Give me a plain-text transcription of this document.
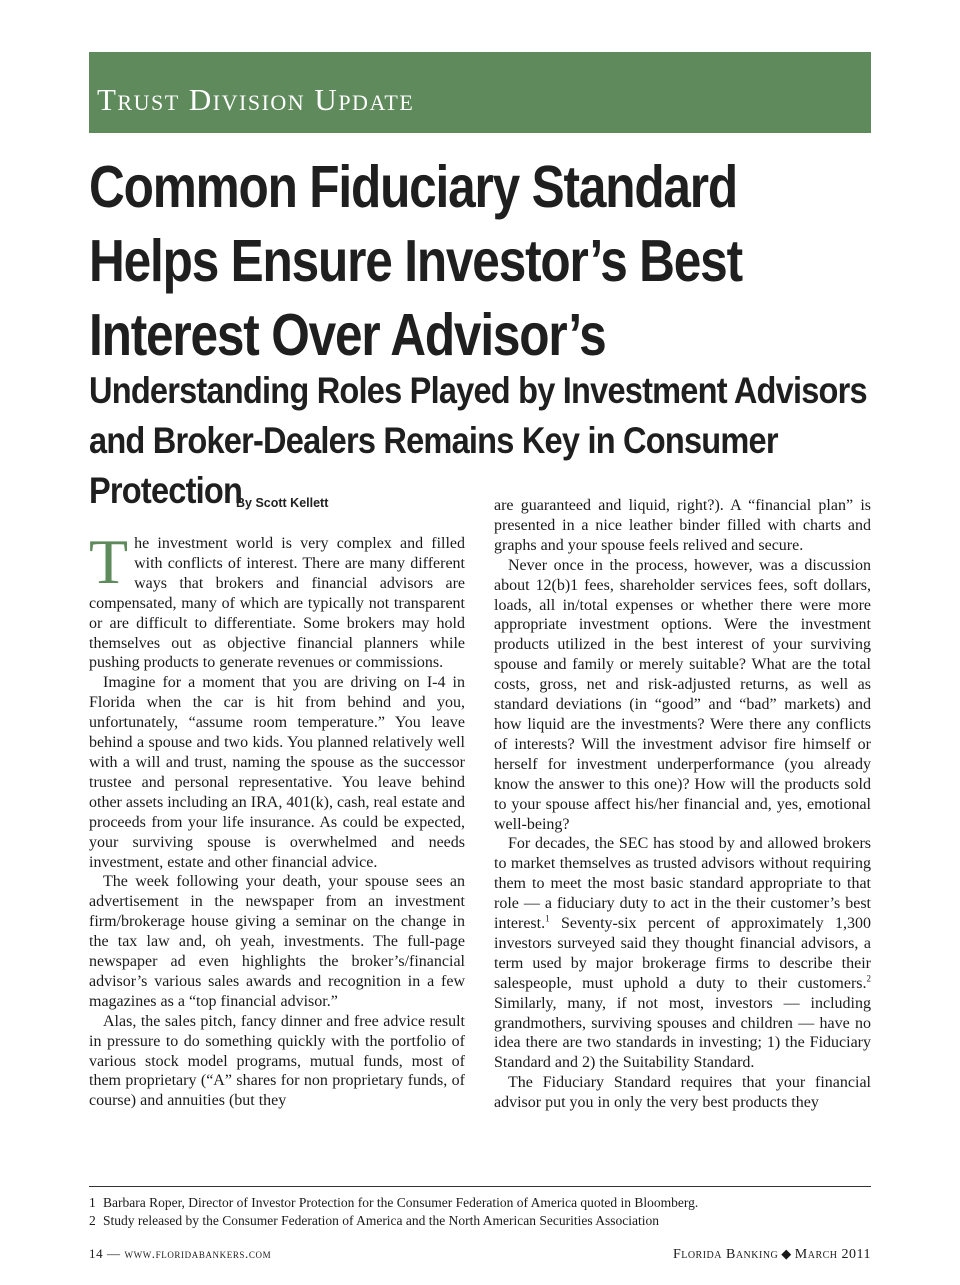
Trust Division Update
Common Fiduciary Standard Helps Ensure Investor’s Best Interest Over Advisor’s
Understanding Roles Played by Investment Advisors and Broker-Dealers Remains Key in Consumer Protection
By Scott Kellett

The investment world is very complex and filled with conflicts of interest. There are many different ways that brokers and financial advisors are compensated, many of which are typically not transparent or are difficult to differentiate. Some brokers may hold themselves out as objective financial planners while pushing products to generate revenues or commissions.

Imagine for a moment that you are driving on I-4 in Florida when the car is hit from behind and you, unfortunately, “assume room temperature.” You leave behind a spouse and two kids. You planned relatively well with a will and trust, naming the spouse as the successor trustee and personal representative. You leave behind other assets including an IRA, 401(k), cash, real estate and proceeds from your life insurance. As could be expected, your surviving spouse is overwhelmed and needs investment, estate and other financial advice.

The week following your death, your spouse sees an advertisement in the newspaper from an investment firm/brokerage house giving a seminar on the change in the tax law and, oh yeah, investments. The full-page newspaper ad even highlights the broker’s/financial advisor’s various sales awards and recognition in a few magazines as a “top financial advisor.”

Alas, the sales pitch, fancy dinner and free advice result in pressure to do something quickly with the portfolio of various stock model programs, mutual funds, most of them proprietary (“A” shares for non proprietary funds, of course) and annuities (but they

are guaranteed and liquid, right?). A “financial plan” is presented in a nice leather binder filled with charts and graphs and your spouse feels relived and secure.

Never once in the process, however, was a discussion about 12(b)1 fees, shareholder services fees, soft dollars, loads, all in/total expenses or whether there were more appropriate investment options. Were the investment products utilized in the best interest of your surviving spouse and family or merely suitable? What are the total costs, gross, net and risk-adjusted returns, as well as standard deviations (in “good” and “bad” markets) and how liquid are the investments? Were there any conflicts of interests? Will the investment advisor fire himself or herself for investment underperformance (you already know the answer to this one)? How will the products sold to your spouse affect his/her financial and, yes, emotional well-being?

For decades, the SEC has stood by and allowed brokers to market themselves as trusted advisors without requiring them to meet the most basic standard appropriate to that role — a fiduciary duty to act in the their customer’s best interest.$^1$ Seventy-six percent of approximately 1,300 investors surveyed said they thought financial advisors, a term used by major brokerage firms to describe their salespeople, must uphold a duty to their customers.$^2$ Similarly, many, if not most, investors — including grandmothers, surviving spouses and children — have no idea there are two standards in investing; 1) the Fiduciary Standard and 2) the Suitability Standard.

The Fiduciary Standard requires that your financial advisor put you in only the very best products they

1 Barbara Roper, Director of Investor Protection for the Consumer Federation of America quoted in Bloomberg.
2 Study released by the Consumer Federation of America and the North American Securities Association
14 — www.floridabankers.com	Florida Banking ◆ March 2011
